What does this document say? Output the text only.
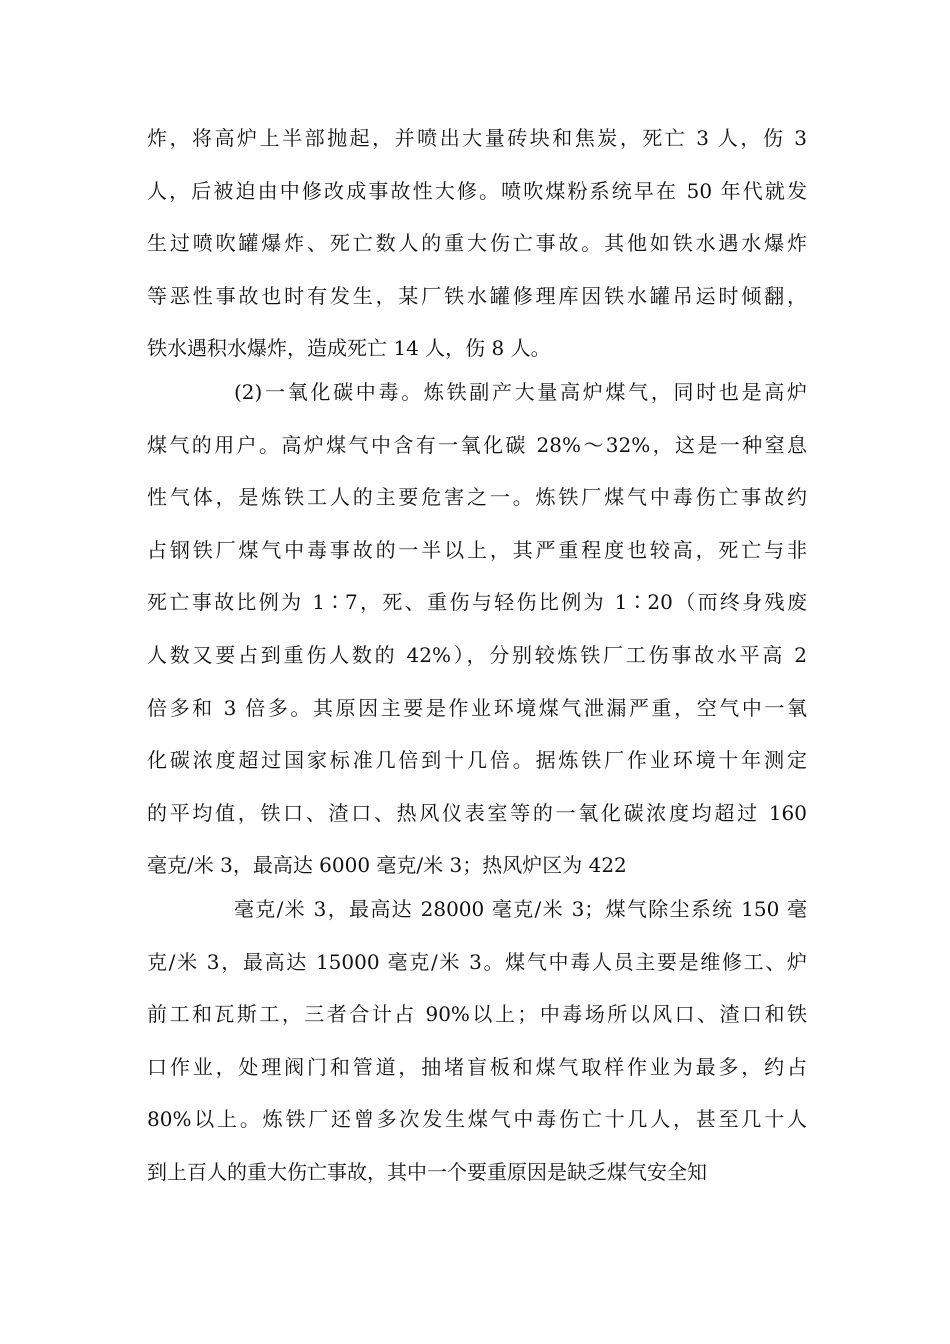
炸，将高炉上半部抛起，并喷出大量砖块和焦炭，死亡 3 人，伤 3
人，后被迫由中修改成事故性大修。喷吹煤粉系统早在 50 年代就发
生过喷吹罐爆炸、死亡数人的重大伤亡事故。其他如铁水遇水爆炸
等恶性事故也时有发生，某厂铁水罐修理库因铁水罐吊运时倾翻，
铁水遇积水爆炸，造成死亡 14 人，伤 8 人。
(2)一氧化碳中毒。炼铁副产大量高炉煤气，同时也是高炉
煤气的用户。高炉煤气中含有一氧化碳 28%～32%，这是一种窒息
性气体，是炼铁工人的主要危害之一。炼铁厂煤气中毒伤亡事故约
占钢铁厂煤气中毒事故的一半以上，其严重程度也较高，死亡与非
死亡事故比例为 1∶7，死、重伤与轻伤比例为 1∶20（而终身残废
人数又要占到重伤人数的 42%），分别较炼铁厂工伤事故水平高 2
倍多和 3 倍多。其原因主要是作业环境煤气泄漏严重，空气中一氧
化碳浓度超过国家标准几倍到十几倍。据炼铁厂作业环境十年测定
的平均值，铁口、渣口、热风仪表室等的一氧化碳浓度均超过 160
毫克/米 3，最高达 6000 毫克/米 3；热风炉区为 422
毫克/米 3，最高达 28000 毫克/米 3；煤气除尘系统 150 毫
克/米 3，最高达 15000 毫克/米 3。煤气中毒人员主要是维修工、炉
前工和瓦斯工，三者合计占 90%以上；中毒场所以风口、渣口和铁
口作业，处理阀门和管道，抽堵盲板和煤气取样作业为最多，约占
80%以上。炼铁厂还曾多次发生煤气中毒伤亡十几人，甚至几十人
到上百人的重大伤亡事故，其中一个要重原因是缺乏煤气安全知
